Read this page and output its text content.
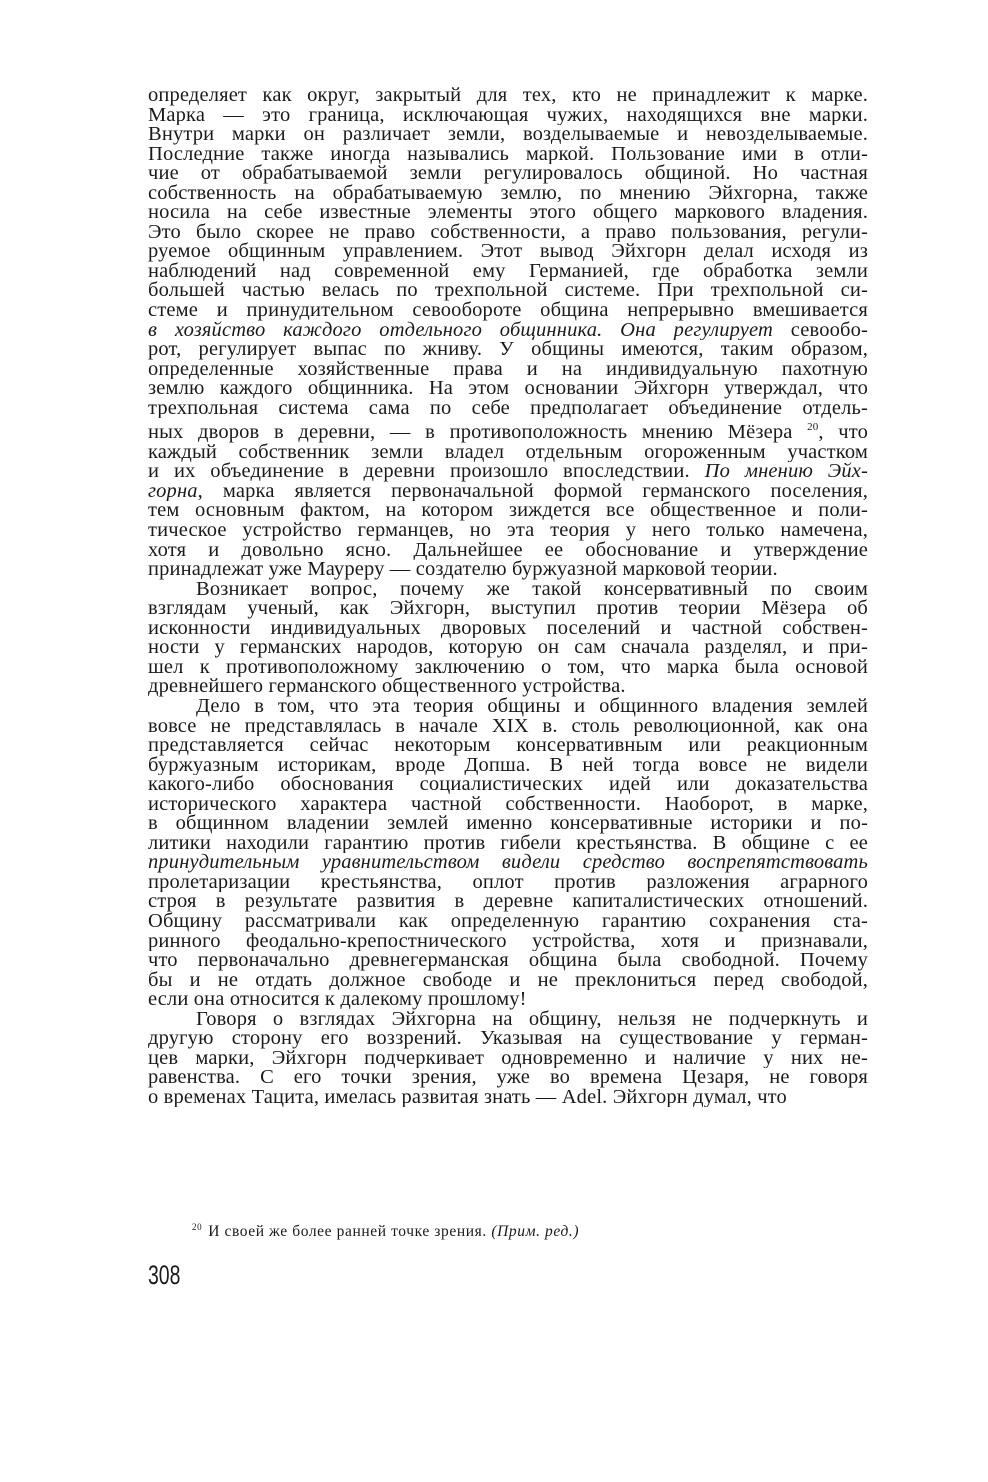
определяет как округ, закрытый для тех, кто не принадлежит к марке.
Марка — это граница, исключающая чужих, находящихся вне марки.
Внутри марки он различает земли, возделываемые и невозделываемые.
Последние также иногда назывались маркой. Пользование ими в отли-
чие от обрабатываемой земли регулировалось общиной. Но частная
собственность на обрабатываемую землю, по мнению Эйхгорна, также
носила на себе известные элементы этого общего маркового владения.
Это было скорее не право собственности, а право пользования, регули-
руемое общинным управлением. Этот вывод Эйхгорн делал исходя из
наблюдений над современной ему Германией, где обработка земли
большей частью велась по трехпольной системе. При трехпольной си-
стеме и принудительном севообороте община непрерывно вмешивается
в хозяйство каждого отдельного общинника. Она регулирует севообо-
рот, регулирует выпас по жниву. У общины имеются, таким образом,
определенные хозяйственные права и на индивидуальную пахотную
землю каждого общинника. На этом основании Эйхгорн утверждал, что
трехпольная система сама по себе предполагает объединение отдель-
ных дворов в деревни, — в противоположность мнению Мёзера $^{20}$, что
каждый собственник земли владел отдельным огороженным участком
и их объединение в деревни произошло впоследствии. По мнению Эйх-
горна, марка является первоначальной формой германского поселения,
тем основным фактом, на котором зиждется все общественное и поли-
тическое устройство германцев, но эта теория у него только намечена,
хотя и довольно ясно. Дальнейшее ее обоснование и утверждение
принадлежат уже Мауреру — создателю буржуазной марковой теории.
Возникает вопрос, почему же такой консервативный по своим
взглядам ученый, как Эйхгорн, выступил против теории Мёзера об
исконности индивидуальных дворовых поселений и частной собствен-
ности у германских народов, которую он сам сначала разделял, и при-
шел к противоположному заключению о том, что марка была основой
древнейшего германского общественного устройства.
Дело в том, что эта теория общины и общинного владения землей
вовсе не представлялась в начале XIX в. столь революционной, как она
представляется сейчас некоторым консервативным или реакционным
буржуазным историкам, вроде Допша. В ней тогда вовсе не видели
какого-либо обоснования социалистических идей или доказательства
исторического характера частной собственности. Наоборот, в марке,
в общинном владении землей именно консервативные историки и по-
литики находили гарантию против гибели крестьянства. В общине с ее
принудительным уравнительством видели средство воспрепятствовать
пролетаризации крестьянства, оплот против разложения аграрного
строя в результате развития в деревне капиталистических отношений.
Общину рассматривали как определенную гарантию сохранения ста-
ринного феодально-крепостнического устройства, хотя и признавали,
что первоначально древнегерманская община была свободной. Почему
бы и не отдать должное свободе и не преклониться перед свободой,
если она относится к далекому прошлому!
Говоря о взглядах Эйхгорна на общину, нельзя не подчеркнуть и
другую сторону его воззрений. Указывая на существование у герман-
цев марки, Эйхгорн подчеркивает одновременно и наличие у них не-
равенства. С его точки зрения, уже во времена Цезаря, не говоря
о временах Тацита, имелась развитая знать — Adel. Эйхгорн думал, что
$^{20}$ И своей же более ранней точке зрения. (Прим. ред.)
308
